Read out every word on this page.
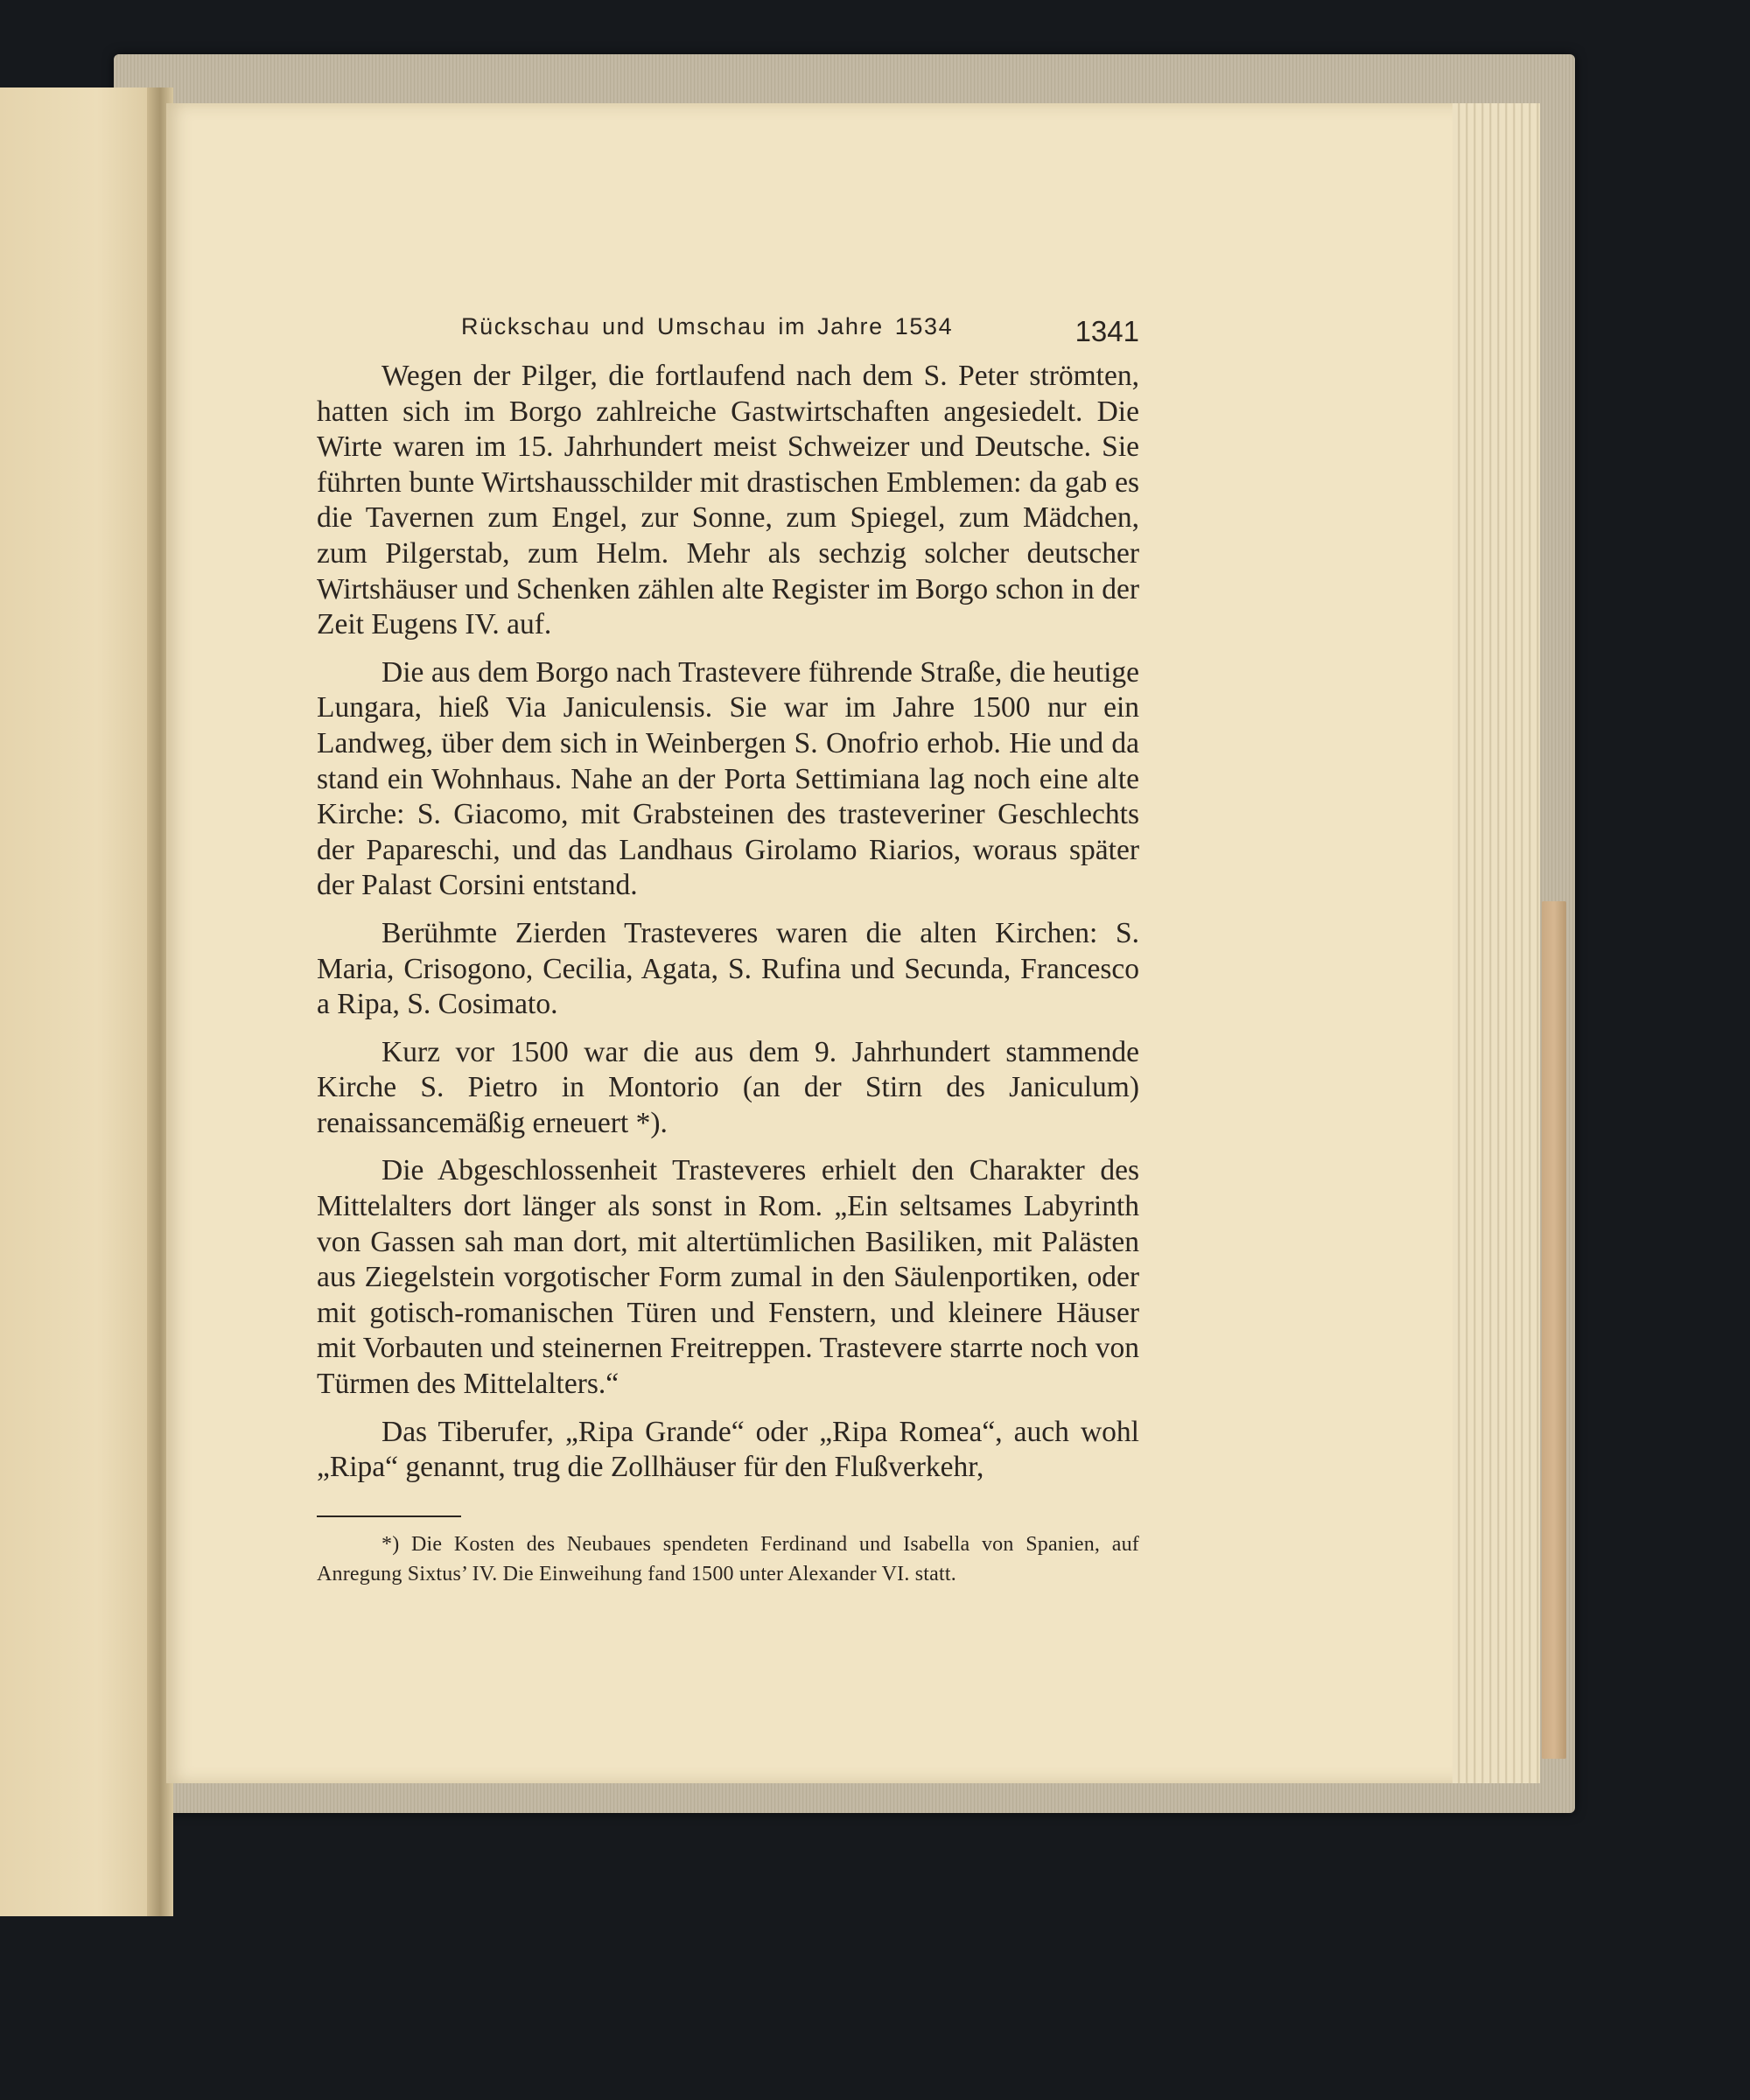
Rückschau und Umschau im Jahre 1534	1341

Wegen der Pilger, die fortlaufend nach dem S. Peter strömten, hatten sich im Borgo zahlreiche Gastwirtschaften angesiedelt. Die Wirte waren im 15. Jahrhundert meist Schweizer und Deutsche. Sie führten bunte Wirtshausschilder mit drastischen Emblemen: da gab es die Tavernen zum Engel, zur Sonne, zum Spiegel, zum Mädchen, zum Pilgerstab, zum Helm. Mehr als sechzig solcher deutscher Wirtshäuser und Schenken zählen alte Register im Borgo schon in der Zeit Eugens IV. auf.

Die aus dem Borgo nach Trastevere führende Straße, die heutige Lungara, hieß Via Janiculensis. Sie war im Jahre 1500 nur ein Landweg, über dem sich in Weinbergen S. Onofrio erhob. Hie und da stand ein Wohnhaus. Nahe an der Porta Settimiana lag noch eine alte Kirche: S. Giacomo, mit Grabsteinen des trasteveriner Geschlechts der Papareschi, und das Landhaus Girolamo Riarios, woraus später der Palast Corsini entstand.

Berühmte Zierden Trasteveres waren die alten Kirchen: S. Maria, Crisogono, Cecilia, Agata, S. Rufina und Secunda, Francesco a Ripa, S. Cosimato.

Kurz vor 1500 war die aus dem 9. Jahrhundert stammende Kirche S. Pietro in Montorio (an der Stirn des Janiculum) renaissancemäßig erneuert *).

Die Abgeschlossenheit Trasteveres erhielt den Charakter des Mittelalters dort länger als sonst in Rom. „Ein seltsames Labyrinth von Gassen sah man dort, mit altertümlichen Basiliken, mit Palästen aus Ziegelstein vorgotischer Form zumal in den Säulenportiken, oder mit gotisch-romanischen Türen und Fenstern, und kleinere Häuser mit Vorbauten und steinernen Freitreppen. Trastevere starrte noch von Türmen des Mittelalters.“

Das Tiberufer, „Ripa Grande“ oder „Ripa Romea“, auch wohl „Ripa“ genannt, trug die Zollhäuser für den Flußverkehr,

*) Die Kosten des Neubaues spendeten Ferdinand und Isabella von Spanien, auf Anregung Sixtus’ IV. Die Einweihung fand 1500 unter Alexander VI. statt.
